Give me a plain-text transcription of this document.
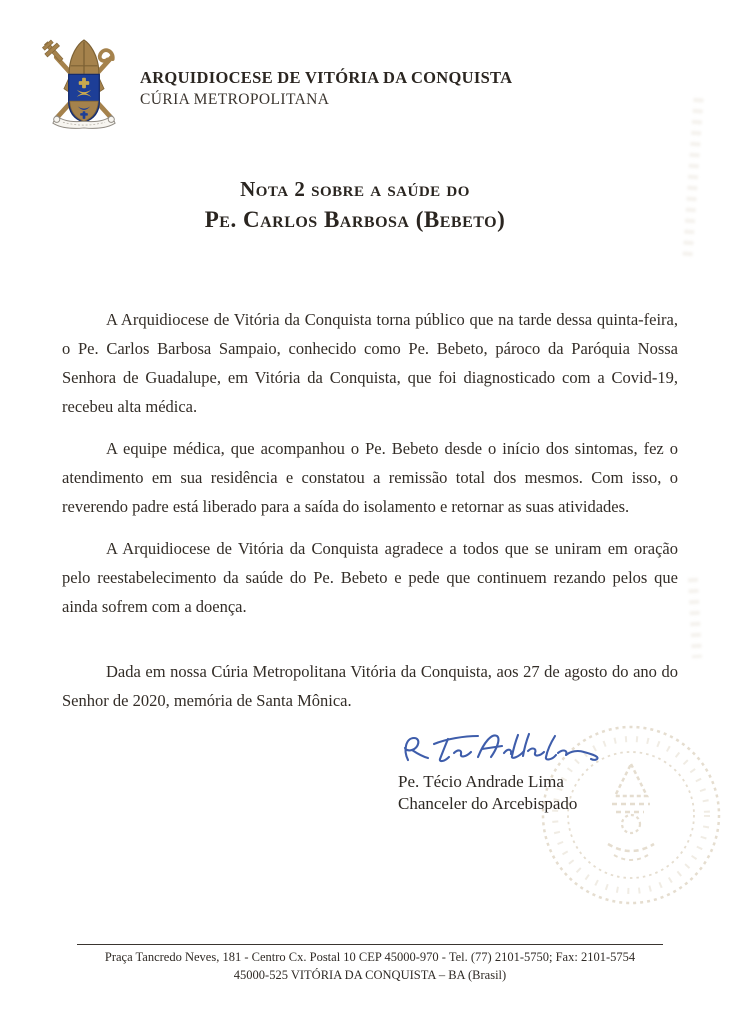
ARQUIDIOCESE DE VITÓRIA DA CONQUISTA
CÚRIA METROPOLITANA
Nota 2 sobre a saúde do
Pe. Carlos Barbosa (Bebeto)

A Arquidiocese de Vitória da Conquista torna público que na tarde dessa quinta-feira, o Pe. Carlos Barbosa Sampaio, conhecido como Pe. Bebeto, pároco da Paróquia Nossa Senhora de Guadalupe, em Vitória da Conquista, que foi diagnosticado com a Covid-19, recebeu alta médica.

A equipe médica, que acompanhou o Pe. Bebeto desde o início dos sintomas, fez o atendimento em sua residência e constatou a remissão total dos mesmos. Com isso, o reverendo padre está liberado para a saída do isolamento e retornar as suas atividades.

A Arquidiocese de Vitória da Conquista agradece a todos que se uniram em oração pelo reestabelecimento da saúde do Pe. Bebeto e pede que continuem rezando pelos que ainda sofrem com a doença.

Dada em nossa Cúria Metropolitana Vitória da Conquista, aos 27 de agosto do ano do Senhor de 2020, memória de Santa Mônica.

Pe. Técio Andrade Lima
Chanceler do Arcebispado
Praça Tancredo Neves, 181 - Centro Cx. Postal 10 CEP 45000-970 - Tel. (77) 2101-5750; Fax: 2101-5754
45000-525 VITÓRIA DA CONQUISTA – BA (Brasil)
